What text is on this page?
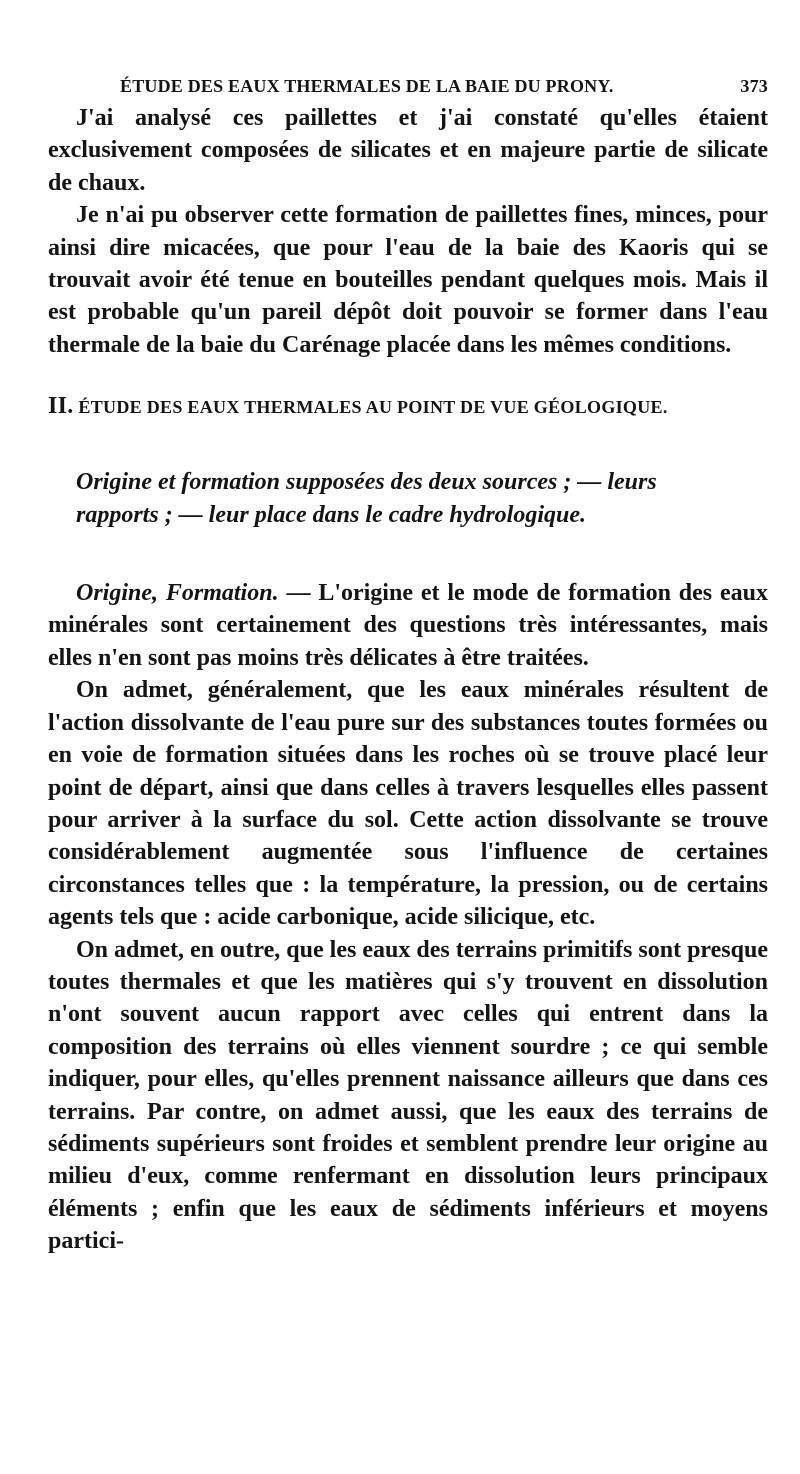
ÉTUDE DES EAUX THERMALES DE LA BAIE DU PRONY.	373

J'ai analysé ces paillettes et j'ai constaté qu'elles étaient exclusivement composées de silicates et en majeure partie de silicate de chaux.

Je n'ai pu observer cette formation de paillettes fines, minces, pour ainsi dire micacées, que pour l'eau de la baie des Kaoris qui se trouvait avoir été tenue en bouteilles pendant quelques mois. Mais il est probable qu'un pareil dépôt doit pouvoir se former dans l'eau thermale de la baie du Carénage placée dans les mêmes conditions.

II. ÉTUDE DES EAUX THERMALES AU POINT DE VUE GÉOLOGIQUE.

Origine et formation supposées des deux sources ; — leurs

rapports ; — leur place dans le cadre hydrologique.

Origine, Formation. — L'origine et le mode de formation des eaux minérales sont certainement des questions très intéressantes, mais elles n'en sont pas moins très délicates à être traitées.

On admet, généralement, que les eaux minérales résultent de l'action dissolvante de l'eau pure sur des substances toutes formées ou en voie de formation situées dans les roches où se trouve placé leur point de départ, ainsi que dans celles à travers lesquelles elles passent pour arriver à la surface du sol. Cette action dissolvante se trouve considérablement augmentée sous l'influence de certaines circonstances telles que : la température, la pression, ou de certains agents tels que : acide carbonique, acide silicique, etc.

On admet, en outre, que les eaux des terrains primitifs sont presque toutes thermales et que les matières qui s'y trouvent en dissolution n'ont souvent aucun rapport avec celles qui entrent dans la composition des terrains où elles viennent sourdre ; ce qui semble indiquer, pour elles, qu'elles prennent naissance ailleurs que dans ces terrains. Par contre, on admet aussi, que les eaux des terrains de sédiments supérieurs sont froides et semblent prendre leur origine au milieu d'eux, comme renfermant en dissolution leurs principaux éléments ; enfin que les eaux de sédiments inférieurs et moyens partici-
